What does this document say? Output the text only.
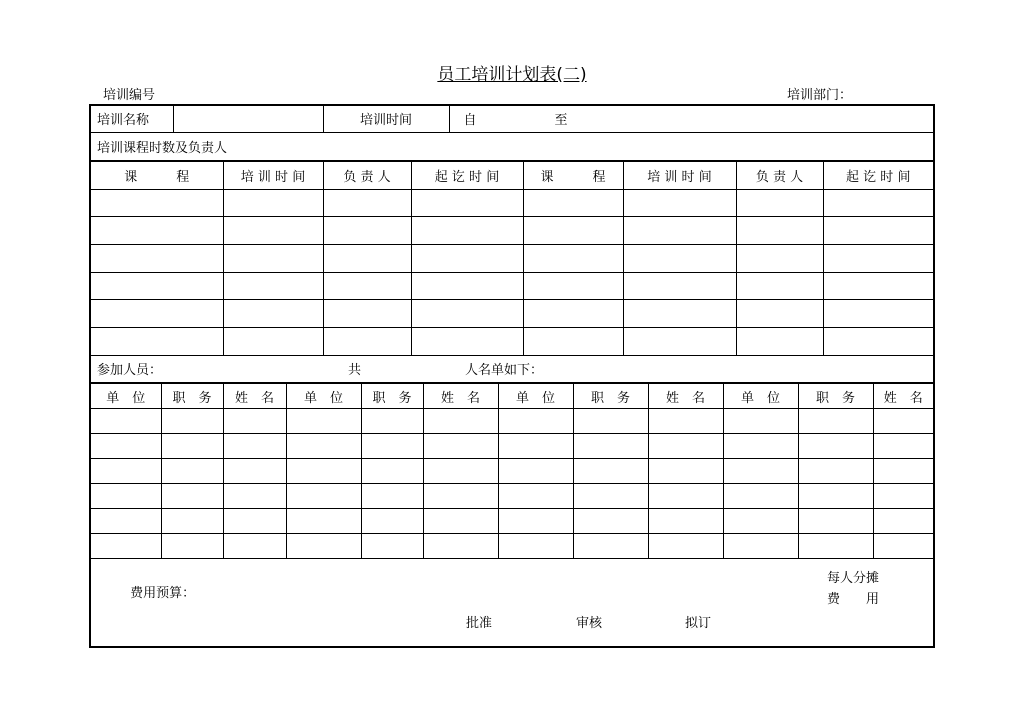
员工培训计划表(二)
培训编号	培训部门：
培训名称		培训时间	自	至
培训课程时数及负责人
课　　　程	培 训 时 间	负 责 人	起 讫 时 间	课　　　程	培 训 时 间	负 责 人	起 讫 时 间

参加人员：	共	人名单如下：
单　位	职　务	姓　名	单　位	职　务	姓　名	单　位	职　务	姓　名	单　位	职　务	姓　名

费用预算：

每人分摊

费　　用

批准	审核	拟订
